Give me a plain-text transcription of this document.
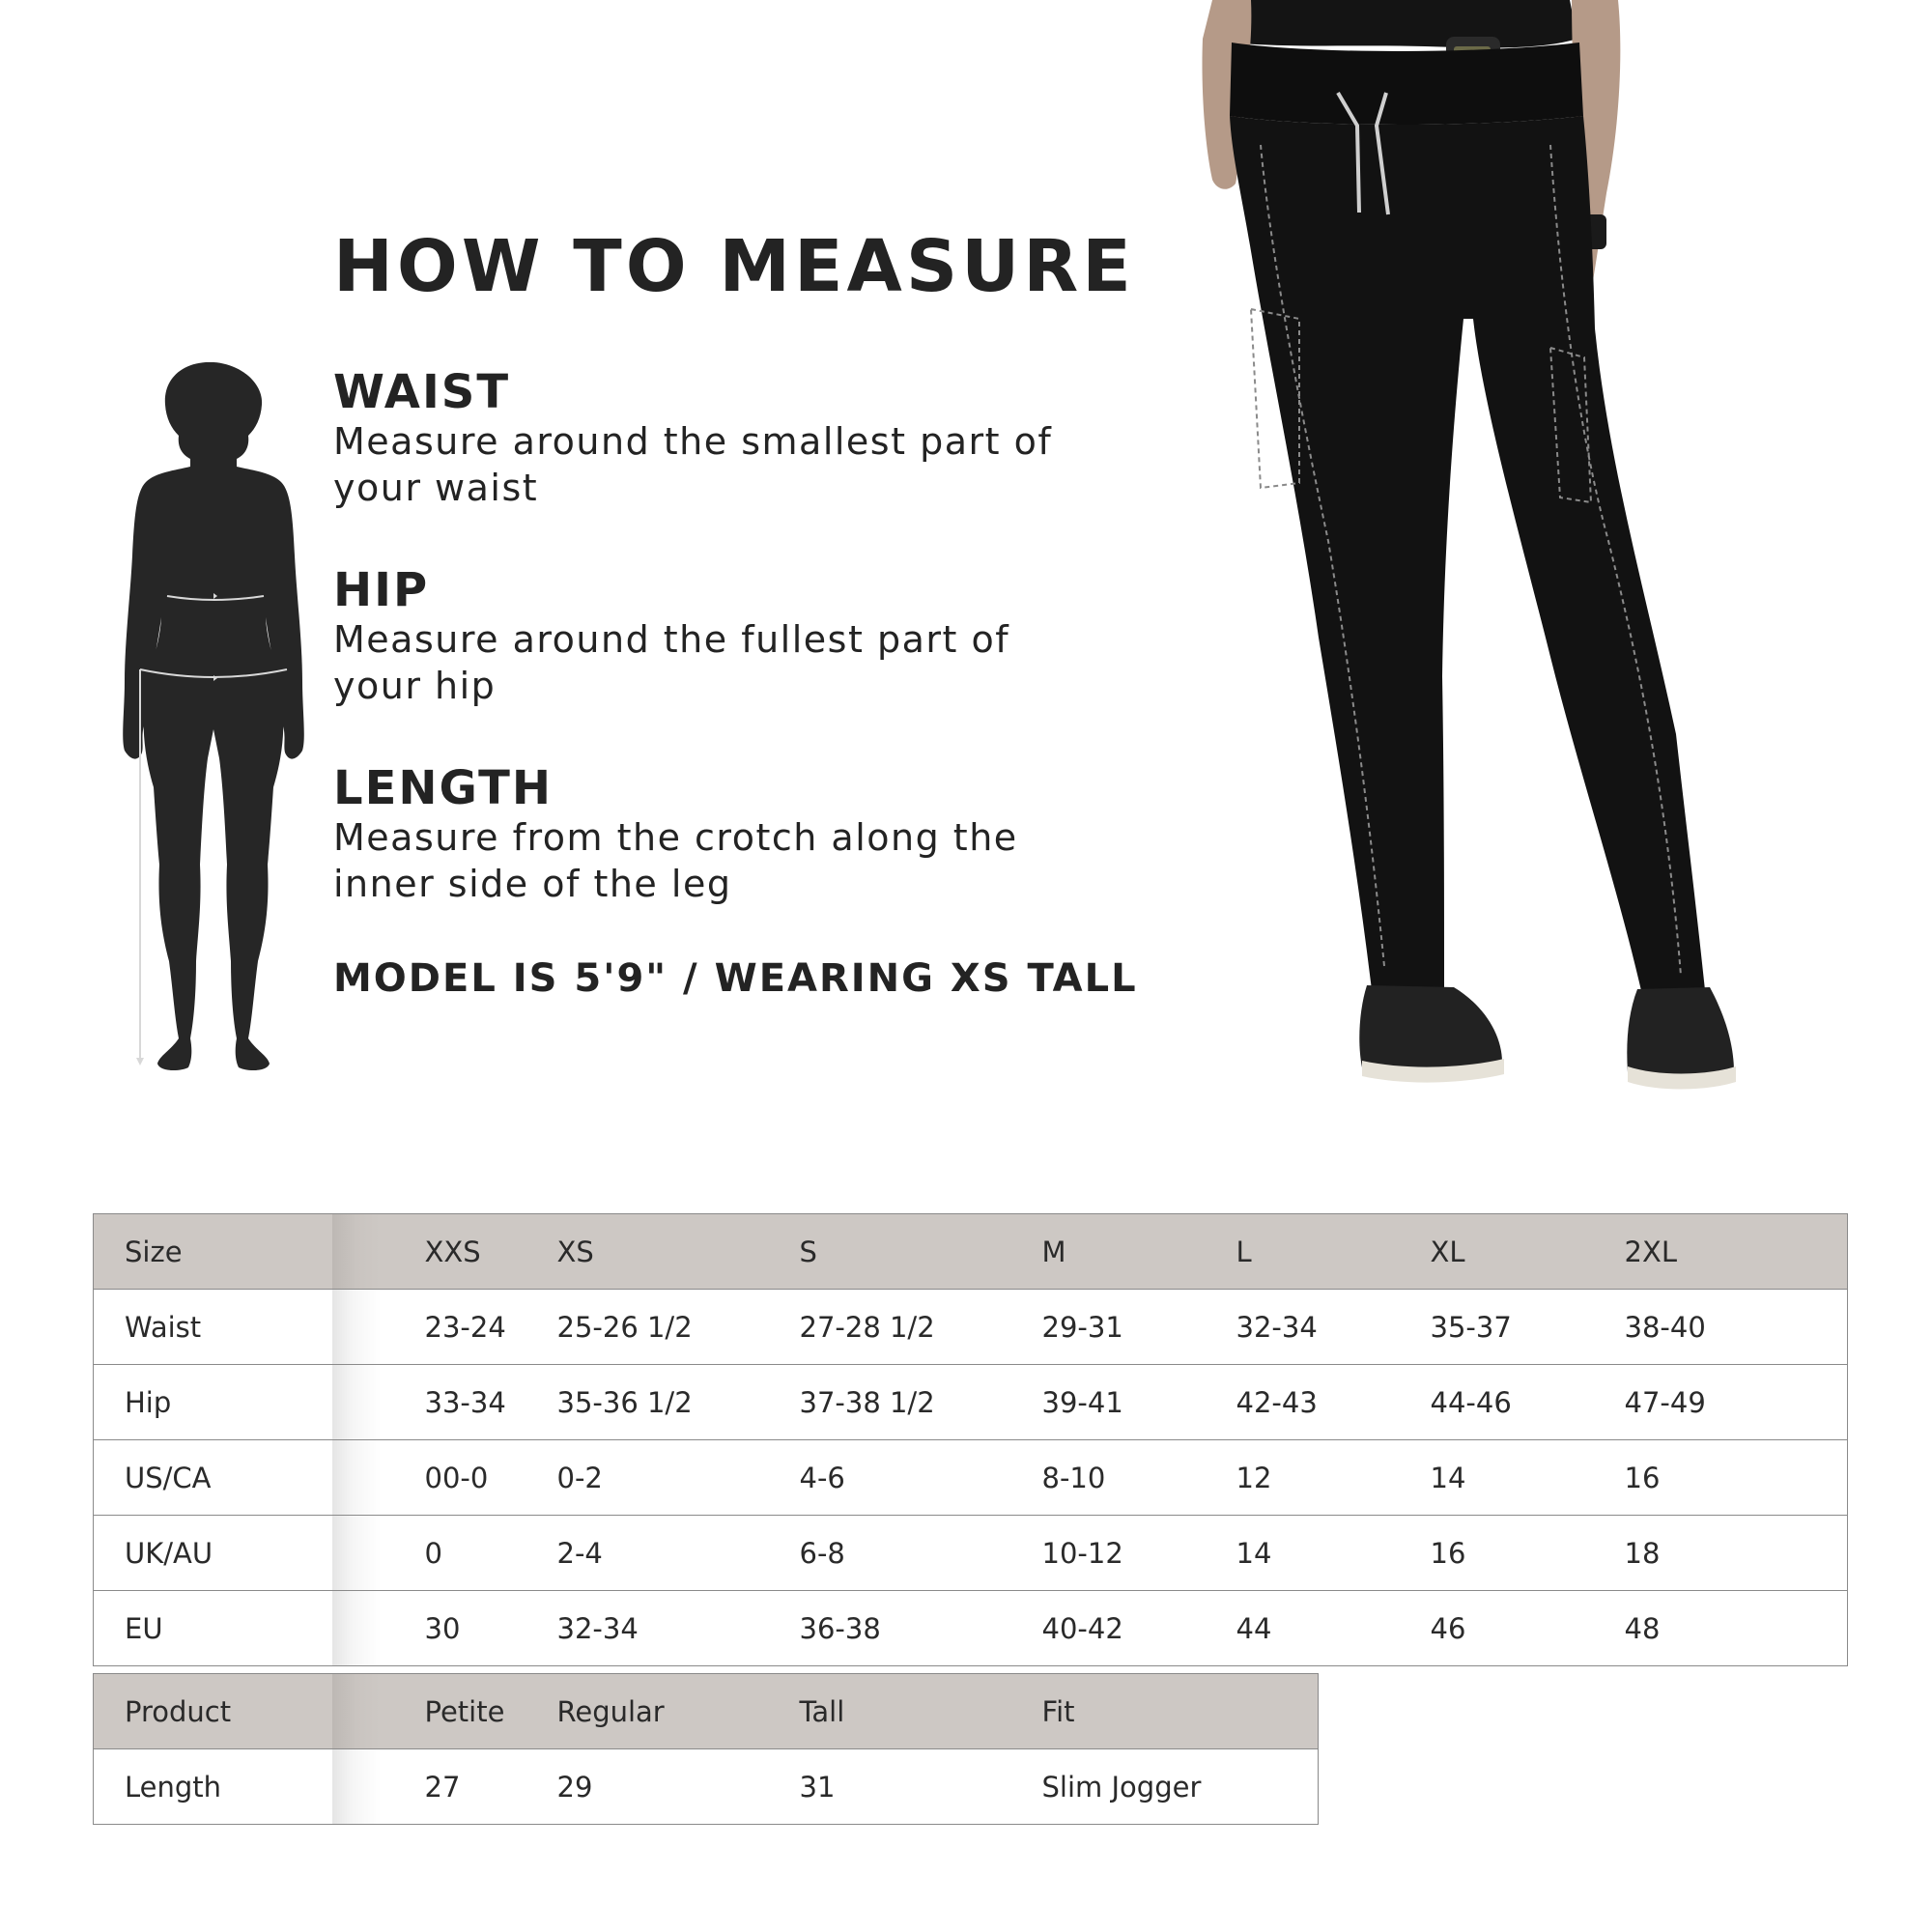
HOW TO MEASURE
WAIST
Measure around the smallest part of your waist
HIP
Measure around the fullest part of your hip
LENGTH
Measure from the crotch along the inner side of the leg
MODEL IS 5'9" / WEARING XS TALL
Size	XXS	XS	S	M	L	XL	2XL
Waist	23-24	25-26 1/2	27-28 1/2	29-31	32-34	35-37	38-40
Hip	33-34	35-36 1/2	37-38 1/2	39-41	42-43	44-46	47-49
US/CA	00-0	0-2	4-6	8-10	12	14	16
UK/AU	0	2-4	6-8	10-12	14	16	18
EU	30	32-34	36-38	40-42	44	46	48
Product	Petite	Regular	Tall	Fit
Length	27	29	31	Slim Jogger
